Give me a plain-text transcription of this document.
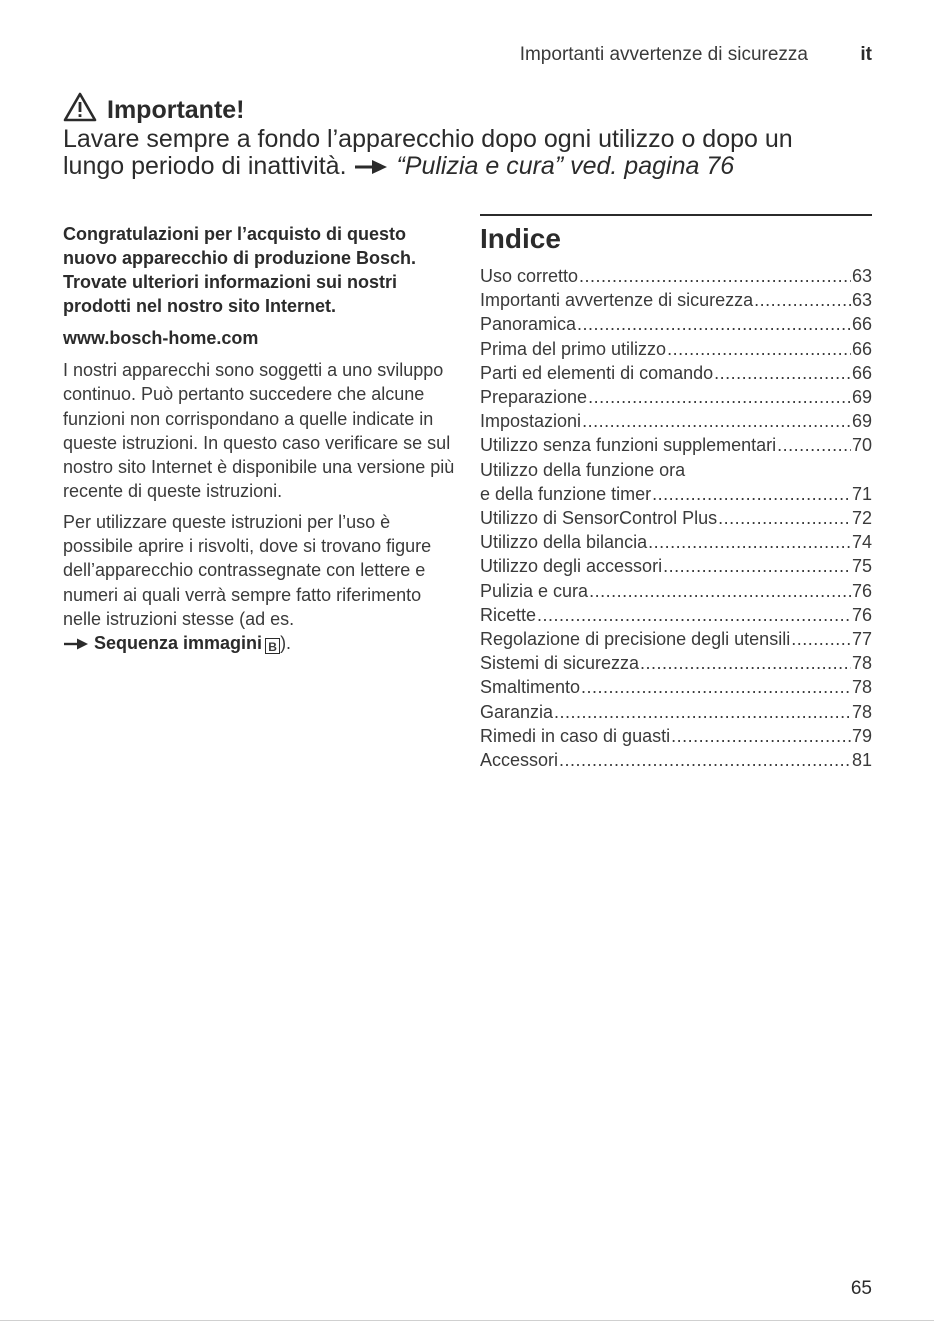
Importanti avvertenze di sicurezza	it
Importante!
Lavare sempre a fondo l’apparecchio dopo ogni utilizzo o dopo un
lungo periodo di inattività. “Pulizia e cura” ved. pagina 76

Congratulazioni per l’acquisto di questo nuovo apparecchio di produzione Bosch. Trovate ulteriori informazioni sui nostri prodotti nel nostro sito Internet.

www.bosch-home.com

I nostri apparecchi sono soggetti a uno sviluppo continuo. Può pertanto succedere che alcune funzioni non corrispondano a quelle indicate in queste istruzioni. In questo caso verificare se sul nostro sito Internet è disponibile una versione più recente di queste istruzioni.

Per utilizzare queste istruzioni per l’uso è possibile aprire i risvolti, dove si trovano figure dell’apparecchio contrassegnate con lettere e numeri ai quali verrà sempre fatto riferimento nelle istruzioni stesse (ad es.
Sequenza immagini B ).

Indice
Uso corretto .....	63
Importanti avvertenze di sicurezza .....	63
Panoramica .....	66
Prima del primo utilizzo .....	66
Parti ed elementi di comando .....	66
Preparazione .....	69
Impostazioni .....	69
Utilizzo senza funzioni supplementari .....	70
Utilizzo della funzione ora
e della funzione timer .....	71
Utilizzo di SensorControl Plus .....	72
Utilizzo della bilancia .....	74
Utilizzo degli accessori .....	75
Pulizia e cura .....	76
Ricette .....	76
Regolazione di precisione degli utensili .....	77
Sistemi di sicurezza .....	78
Smaltimento .....	78
Garanzia .....	78
Rimedi in caso di guasti .....	79
Accessori .....	81
65
